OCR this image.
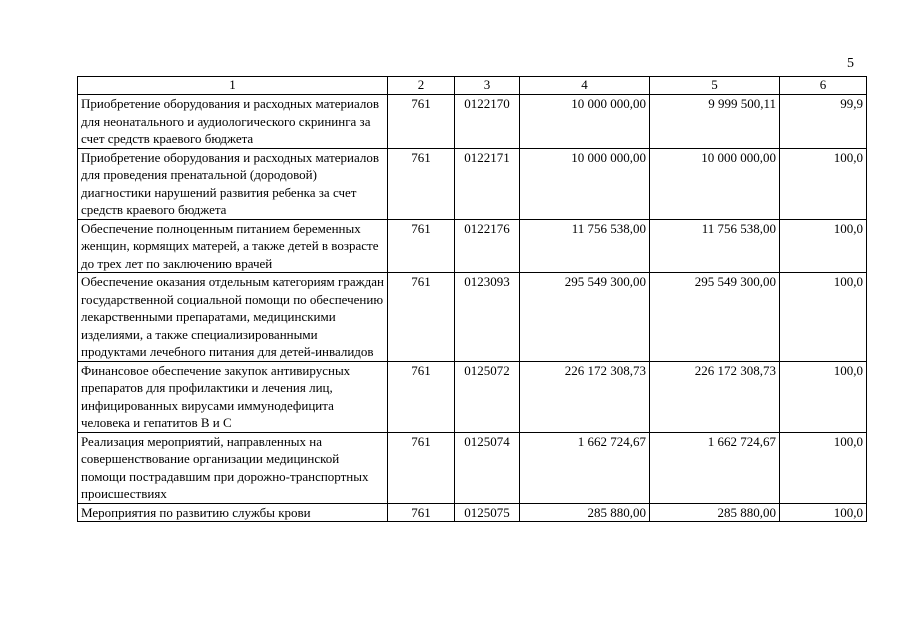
5
1	2	3	4	5	6
Приобретение оборудования и расходных материалов для неонатального и аудиологического скрининга за счет средств краевого бюджета	761	0122170	10 000 000,00	9 999 500,11	99,9
Приобретение оборудования и расходных материалов для проведения пренатальной (дородовой) диагностики нарушений развития ребенка за счет средств краевого бюджета	761	0122171	10 000 000,00	10 000 000,00	100,0
Обеспечение полноценным питанием беременных женщин, кормящих матерей, а также детей в возрасте до трех лет по заключению врачей	761	0122176	11 756 538,00	11 756 538,00	100,0
Обеспечение оказания отдельным категориям граждан государственной социальной помощи по обеспечению лекарственными препаратами, медицинскими изделиями, а также специализированными продуктами лечебного питания для детей-инвалидов	761	0123093	295 549 300,00	295 549 300,00	100,0
Финансовое обеспечение закупок антивирусных препаратов для профилактики и лечения лиц, инфицированных вирусами иммунодефицита человека и гепатитов В и С	761	0125072	226 172 308,73	226 172 308,73	100,0
Реализация мероприятий, направленных на совершенствование организации медицинской помощи пострадавшим при дорожно-транспортных происшествиях	761	0125074	1 662 724,67	1 662 724,67	100,0
Мероприятия по развитию службы крови	761	0125075	285 880,00	285 880,00	100,0
